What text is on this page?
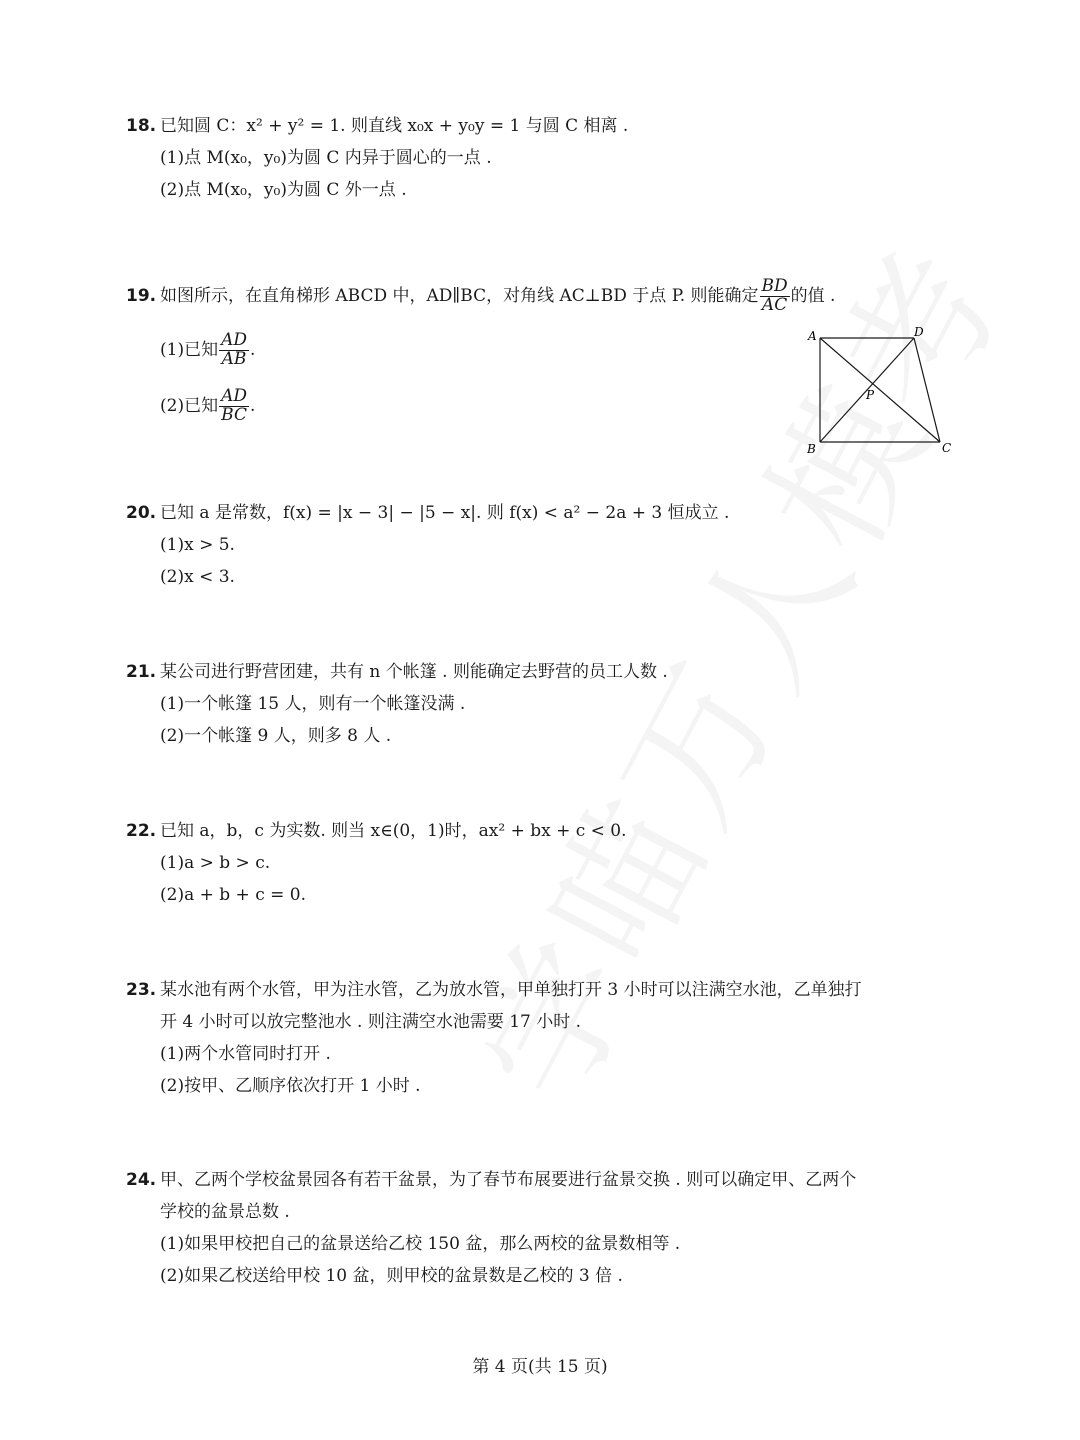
18. 已知圆 C：x² + y² = 1. 则直线 x₀x + y₀y = 1 与圆 C 相离 .
(1)点 M(x₀，y₀)为圆 C 内异于圆心的一点 .
(2)点 M(x₀，y₀)为圆 C 外一点 .
19. 如图所示，在直角梯形 ABCD 中，AD∥BC，对角线 AC⊥BD 于点 P. 则能确定 $\frac{BD}{AC}$ 的值 .
(1)已知 $\frac{AD}{AB}$ .
(2)已知 $\frac{AD}{BC}$ .
A	D
B	C
P
20. 已知 a 是常数，f(x) = |x − 3| − |5 − x|. 则 f(x) < a² − 2a + 3 恒成立 .
(1)x > 5.
(2)x < 3.
21. 某公司进行野营团建，共有 n 个帐篷 . 则能确定去野营的员工人数 .
(1)一个帐篷 15 人，则有一个帐篷没满 .
(2)一个帐篷 9 人，则多 8 人 .
22. 已知 a，b，c 为实数. 则当 x∈(0，1)时，ax² + bx + c < 0.
(1)a > b > c.
(2)a + b + c = 0.
23. 某水池有两个水管，甲为注水管，乙为放水管，甲单独打开 3 小时可以注满空水池，乙单独打
开 4 小时可以放完整池水 . 则注满空水池需要 17 小时 .
(1)两个水管同时打开 .
(2)按甲、乙顺序依次打开 1 小时 .
24. 甲、乙两个学校盆景园各有若干盆景，为了春节布展要进行盆景交换 . 则可以确定甲、乙两个
学校的盆景总数 .
(1)如果甲校把自己的盆景送给乙校 150 盆，那么两校的盆景数相等 .
(2)如果乙校送给甲校 10 盆，则甲校的盆景数是乙校的 3 倍 .
第 4 页(共 15 页)
